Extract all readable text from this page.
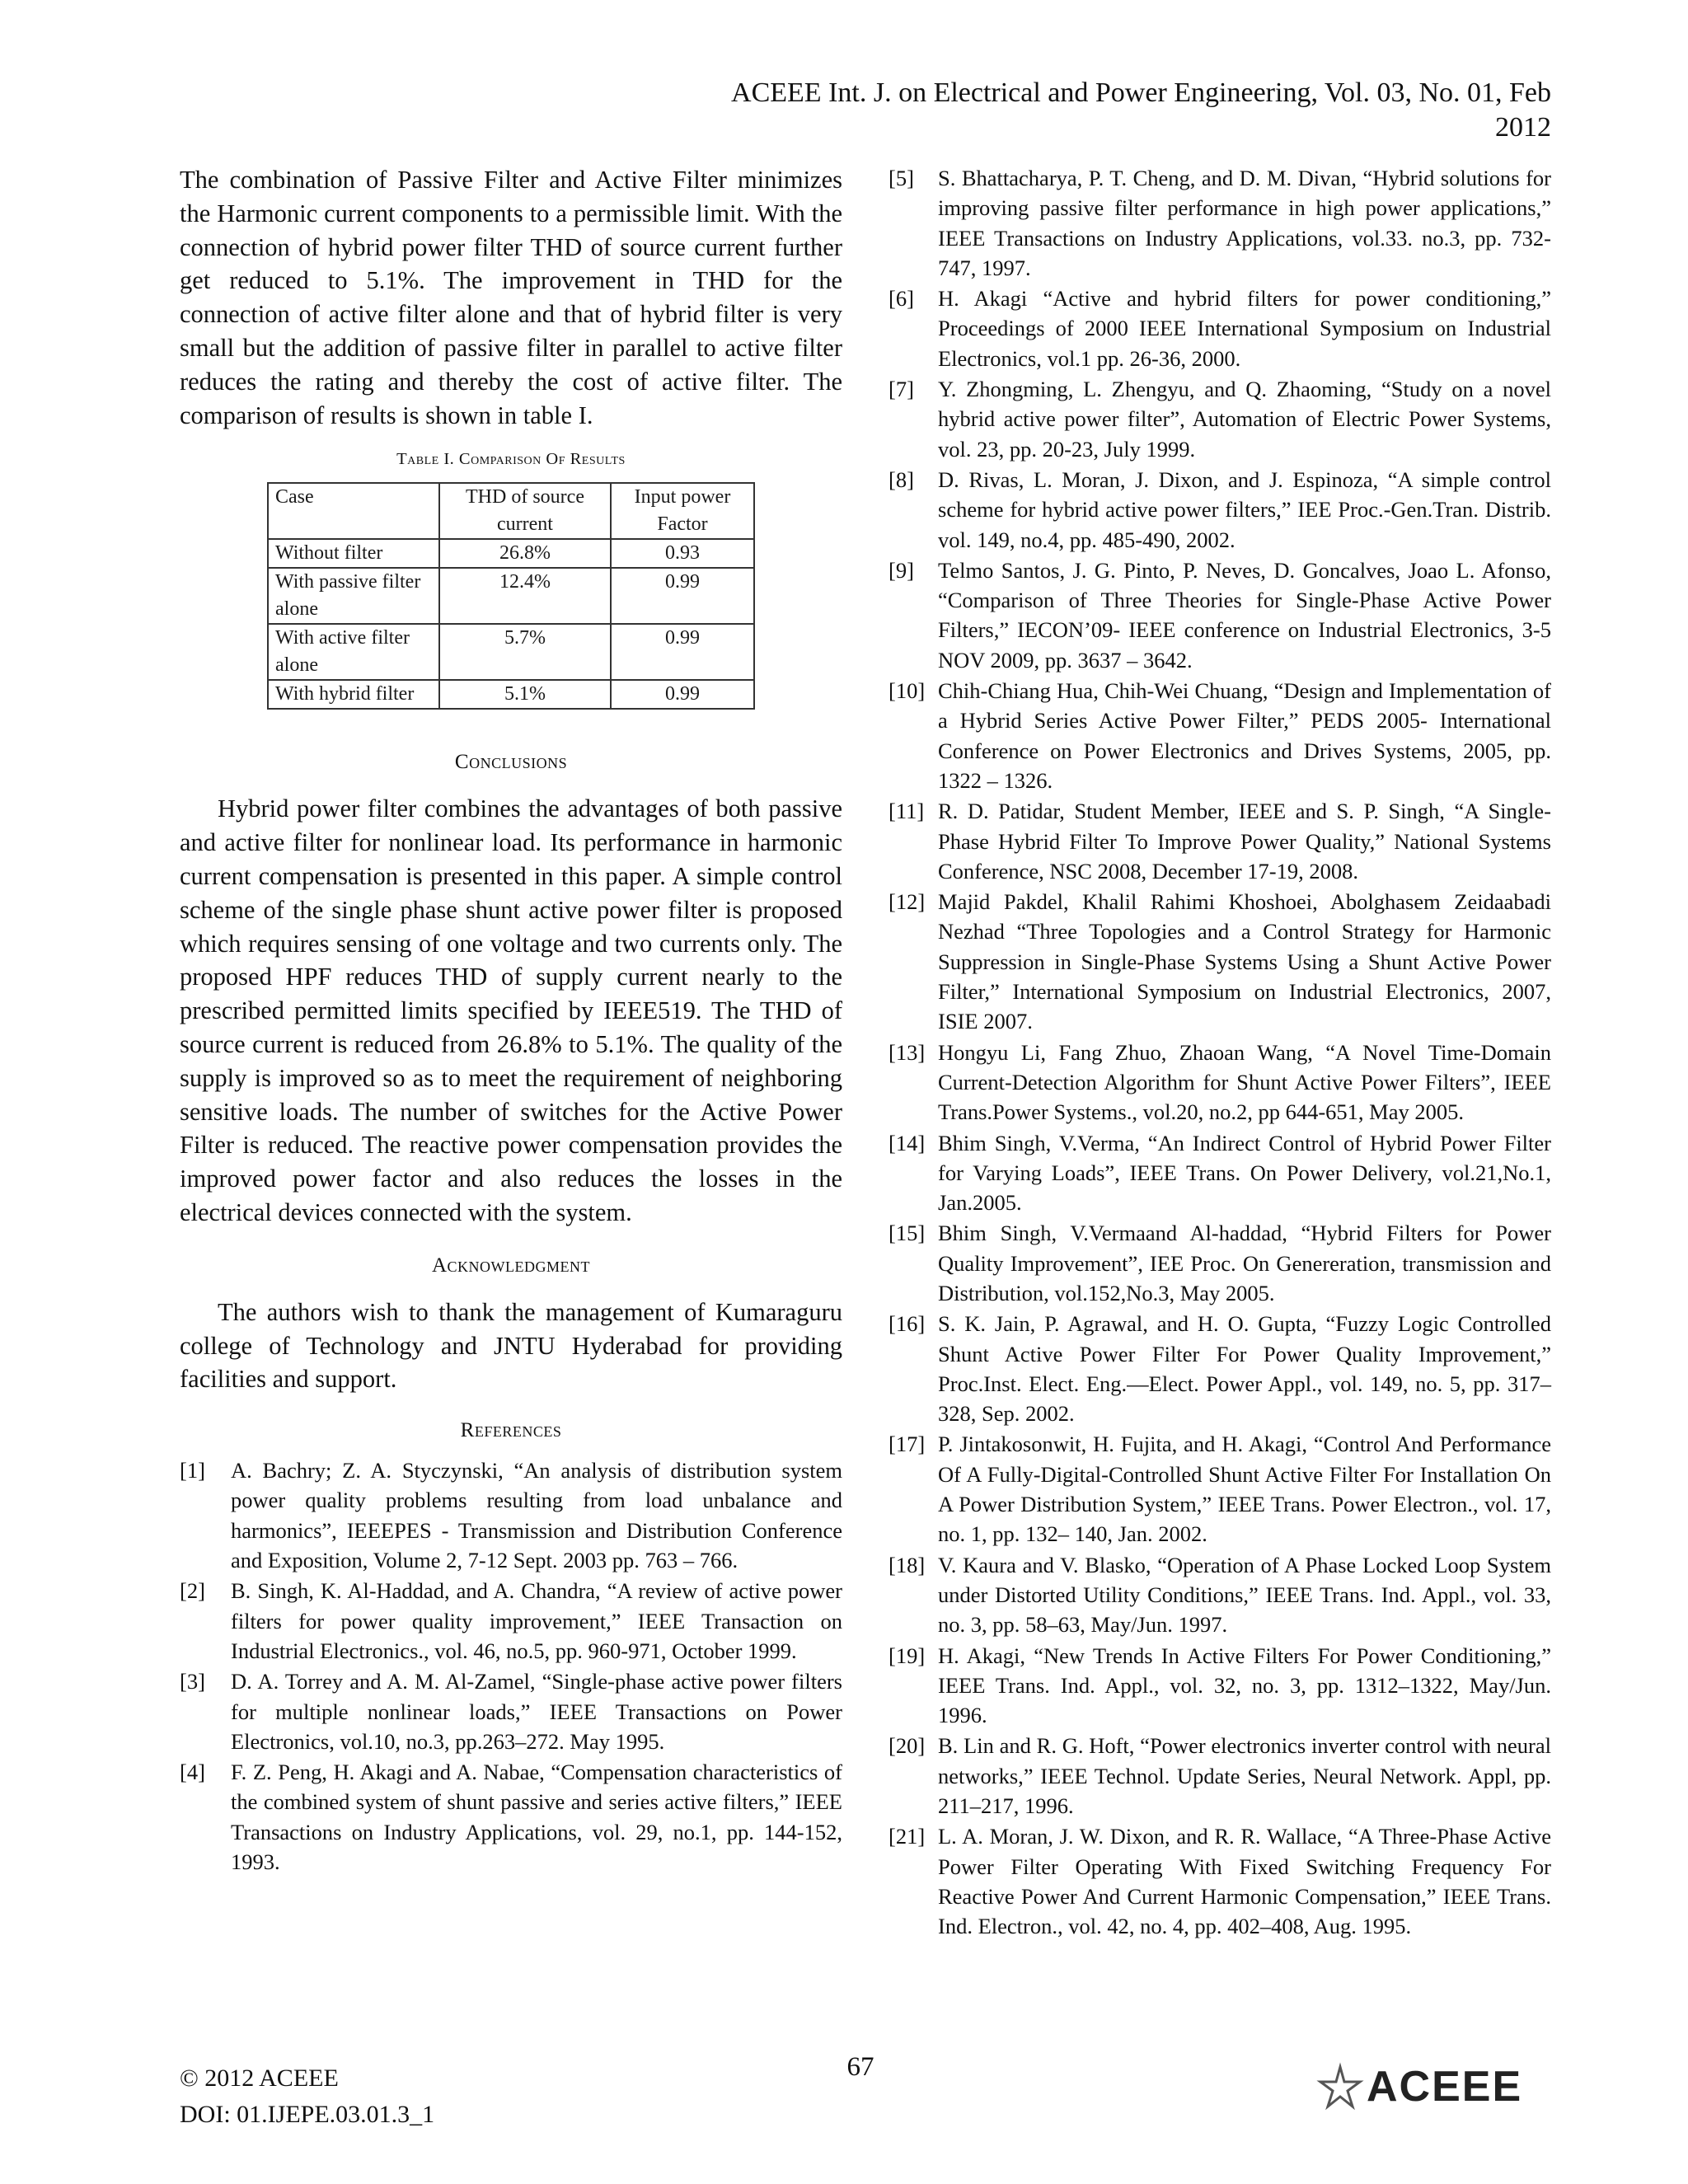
ACEEE Int. J. on Electrical and Power Engineering, Vol. 03, No. 01, Feb 2012

The combination of Passive Filter and Active Filter minimizes the Harmonic current components to a permissible limit. With the connection of hybrid power filter THD of source current further get reduced to 5.1%. The improvement in THD for the connection of active filter alone and that of hybrid filter is very small but the addition of passive filter in parallel to active filter reduces the rating and thereby the cost of active filter. The comparison of results is shown in table I.

Table I. Comparison Of Results

Case	THD of source current	Input power Factor
Without filter	26.8%	0.93
With passive filter alone	12.4%	0.99
With active filter alone	5.7%	0.99
With hybrid filter	5.1%	0.99

Conclusions

Hybrid power filter combines the advantages of both passive and active filter for nonlinear load. Its performance in harmonic current compensation is presented in this paper. A simple control scheme of the single phase shunt active power filter is proposed which requires sensing of one voltage and two currents only. The proposed HPF reduces THD of supply current nearly to the prescribed permitted limits specified by IEEE519. The THD of source current is reduced from 26.8% to 5.1%. The quality of the supply is improved so as to meet the requirement of neighboring sensitive loads. The number of switches for the Active Power Filter is reduced. The reactive power compensation provides the improved power factor and also reduces the losses in the electrical devices connected with the system.

Acknowledgment

The authors wish to thank the management of Kumaraguru college of Technology and JNTU Hyderabad for providing facilities and support.

References

[1] A. Bachry; Z. A. Styczynski, “An analysis of distribution system power quality problems resulting from load unbalance and harmonics”, IEEEPES - Transmission and Distribution Conference and Exposition, Volume 2, 7-12 Sept. 2003 pp. 763 – 766.
[2] B. Singh, K. Al-Haddad, and A. Chandra, “A review of active power filters for power quality improvement,” IEEE Transaction on Industrial Electronics., vol. 46, no.5, pp. 960-971, October 1999.
[3] D. A. Torrey and A. M. Al-Zamel, “Single-phase active power filters for multiple nonlinear loads,” IEEE Transactions on Power Electronics, vol.10, no.3, pp.263–272. May 1995.
[4] F. Z. Peng, H. Akagi and A. Nabae, “Compensation characteristics of the combined system of shunt passive and series active filters,” IEEE Transactions on Industry Applications, vol. 29, no.1, pp. 144-152, 1993.
[5] S. Bhattacharya, P. T. Cheng, and D. M. Divan, “Hybrid solutions for improving passive filter performance in high power applications,” IEEE Transactions on Industry Applications, vol.33. no.3, pp. 732-747, 1997.
[6] H. Akagi “Active and hybrid filters for power conditioning,” Proceedings of 2000 IEEE International Symposium on Industrial Electronics, vol.1 pp. 26-36, 2000.
[7] Y. Zhongming, L. Zhengyu, and Q. Zhaoming, “Study on a novel hybrid active power filter”, Automation of Electric Power Systems, vol. 23, pp. 20-23, July 1999.
[8] D. Rivas, L. Moran, J. Dixon, and J. Espinoza, “A simple control scheme for hybrid active power filters,” IEE Proc.-Gen.Tran. Distrib. vol. 149, no.4, pp. 485-490, 2002.
[9] Telmo Santos, J. G. Pinto, P. Neves, D. Goncalves, Joao L. Afonso, “Comparison of Three Theories for Single-Phase Active Power Filters,” IECON’09- IEEE conference on Industrial Electronics, 3-5 NOV 2009, pp. 3637 – 3642.
[10] Chih-Chiang Hua, Chih-Wei Chuang, “Design and Implementation of a Hybrid Series Active Power Filter,” PEDS 2005- International Conference on Power Electronics and Drives Systems, 2005, pp. 1322 – 1326.
[11] R. D. Patidar, Student Member, IEEE and S. P. Singh, “A Single-Phase Hybrid Filter To Improve Power Quality,” National Systems Conference, NSC 2008, December 17-19, 2008.
[12] Majid Pakdel, Khalil Rahimi Khoshoei, Abolghasem Zeidaabadi Nezhad “Three Topologies and a Control Strategy for Harmonic Suppression in Single-Phase Systems Using a Shunt Active Power Filter,” International Symposium on Industrial Electronics, 2007, ISIE 2007.
[13] Hongyu Li, Fang Zhuo, Zhaoan Wang, “A Novel Time-Domain Current-Detection Algorithm for Shunt Active Power Filters”, IEEE Trans.Power Systems., vol.20, no.2, pp 644-651, May 2005.
[14] Bhim Singh, V.Verma, “An Indirect Control of Hybrid Power Filter for Varying Loads”, IEEE Trans. On Power Delivery, vol.21,No.1, Jan.2005.
[15] Bhim Singh, V.Vermaand Al-haddad, “Hybrid Filters for Power Quality Improvement”, IEE Proc. On Genereration, transmission and Distribution, vol.152,No.3, May 2005.
[16] S. K. Jain, P. Agrawal, and H. O. Gupta, “Fuzzy Logic Controlled Shunt Active Power Filter For Power Quality Improvement,” Proc.Inst. Elect. Eng.—Elect. Power Appl., vol. 149, no. 5, pp. 317–328, Sep. 2002.
[17] P. Jintakosonwit, H. Fujita, and H. Akagi, “Control And Performance Of A Fully-Digital-Controlled Shunt Active Filter For Installation On A Power Distribution System,” IEEE Trans. Power Electron., vol. 17, no. 1, pp. 132– 140, Jan. 2002.
[18] V. Kaura and V. Blasko, “Operation of A Phase Locked Loop System under Distorted Utility Conditions,” IEEE Trans. Ind. Appl., vol. 33, no. 3, pp. 58–63, May/Jun. 1997.
[19] H. Akagi, “New Trends In Active Filters For Power Conditioning,” IEEE Trans. Ind. Appl., vol. 32, no. 3, pp. 1312–1322, May/Jun. 1996.
[20] B. Lin and R. G. Hoft, “Power electronics inverter control with neural networks,” IEEE Technol. Update Series, Neural Network. Appl, pp. 211–217, 1996.
[21] L. A. Moran, J. W. Dixon, and R. R. Wallace, “A Three-Phase Active Power Filter Operating With Fixed Switching Frequency For Reactive Power And Current Harmonic Compensation,” IEEE Trans. Ind. Electron., vol. 42, no. 4, pp. 402–408, Aug. 1995.
© 2012 ACEEE
DOI: 01.IJEPE.03.01.3_1
67	ACEEE
